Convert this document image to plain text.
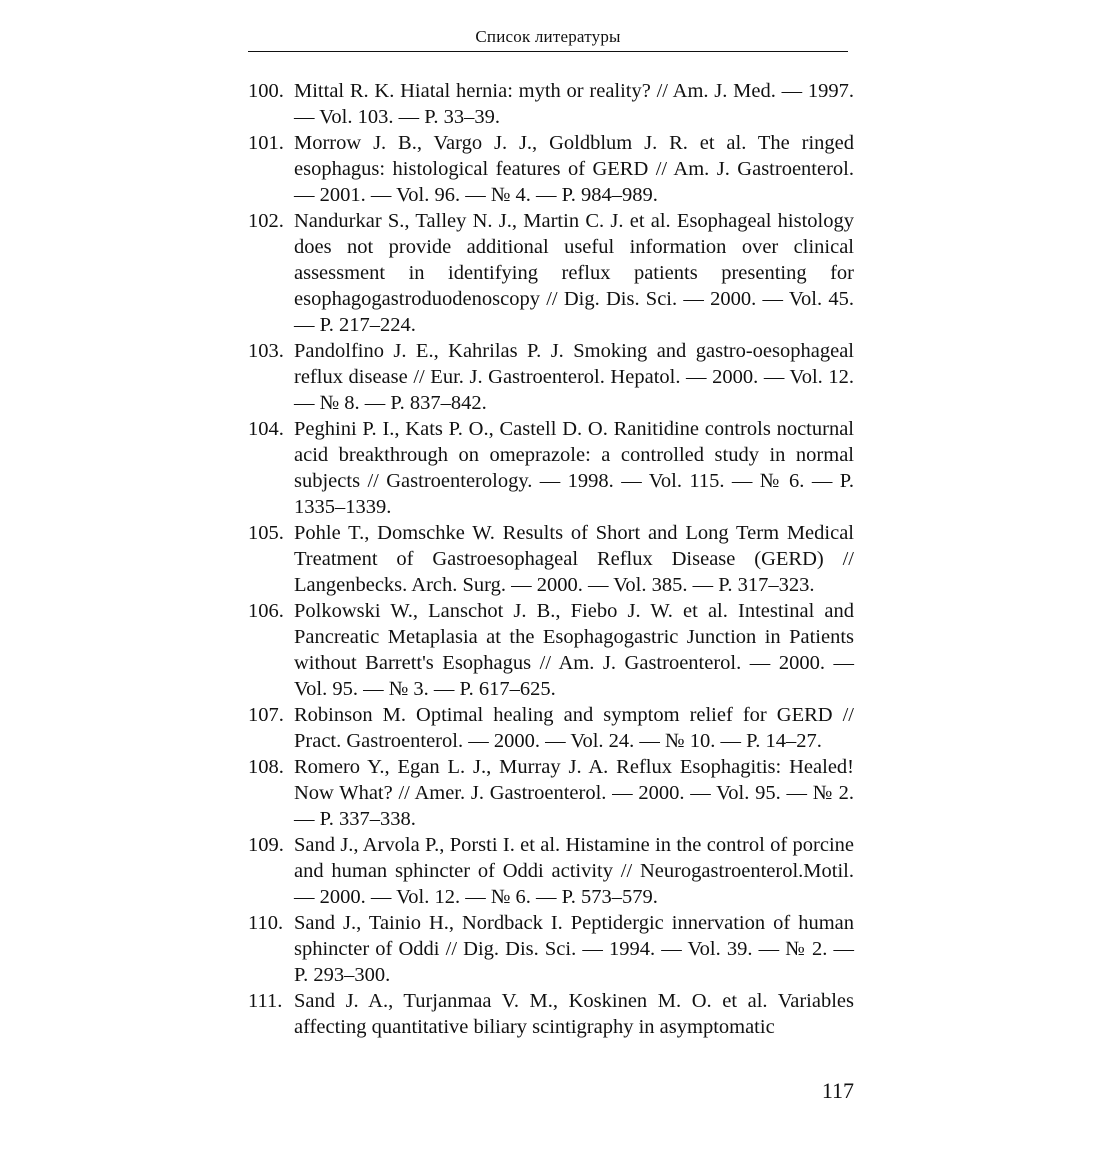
Список литературы
100. Mittal R. K. Hiatal hernia: myth or reality? // Am. J. Med. — 1997. — Vol. 103. — P. 33–39.
101. Morrow J. B., Vargo J. J., Goldblum J. R. et al. The ringed esophagus: histological features of GERD // Am. J. Gastroenterol. — 2001. — Vol. 96. — № 4. — P. 984–989.
102. Nandurkar S., Talley N. J., Martin C. J. et al. Esophageal histology does not provide additional useful information over clinical assessment in identifying reflux patients presenting for esophagogastroduodenoscopy // Dig. Dis. Sci. — 2000. — Vol. 45. — P. 217–224.
103. Pandolfino J. E., Kahrilas P. J. Smoking and gastro-oesophageal reflux disease // Eur. J. Gastroenterol. Hepatol. — 2000. — Vol. 12. — № 8. — P. 837–842.
104. Peghini P. I., Kats P. O., Castell D. O. Ranitidine controls nocturnal acid breakthrough on omeprazole: a controlled study in normal subjects // Gastroenterology. — 1998. — Vol. 115. — № 6. — P. 1335–1339.
105. Pohle T., Domschke W. Results of Short and Long Term Medical Treatment of Gastroesophageal Reflux Disease (GERD) // Langenbecks. Arch. Surg. — 2000. — Vol. 385. — P. 317–323.
106. Polkowski W., Lanschot J. B., Fiebo J. W. et al. Intestinal and Pancreatic Metaplasia at the Esophagogastric Junction in Patients without Barrett's Esophagus // Am. J. Gastroenterol. — 2000. — Vol. 95. — № 3. — P. 617–625.
107. Robinson M. Optimal healing and symptom relief for GERD // Pract. Gastroenterol. — 2000. — Vol. 24. — № 10. — P. 14–27.
108. Romero Y., Egan L. J., Murray J. A. Reflux Esophagitis: Healed! Now What? // Amer. J. Gastroenterol. — 2000. — Vol. 95. — № 2. — P. 337–338.
109. Sand J., Arvola P., Porsti I. et al. Histamine in the control of porcine and human sphincter of Oddi activity // Neurogastroenterol.Motil. — 2000. — Vol. 12. — № 6. — P. 573–579.
110. Sand J., Tainio H., Nordback I. Peptidergic innervation of human sphincter of Oddi // Dig. Dis. Sci. — 1994. — Vol. 39. — № 2. — P. 293–300.
111. Sand J. A., Turjanmaa V. M., Koskinen M. O. et al. Variables affecting quantitative biliary scintigraphy in asymptomatic
117
